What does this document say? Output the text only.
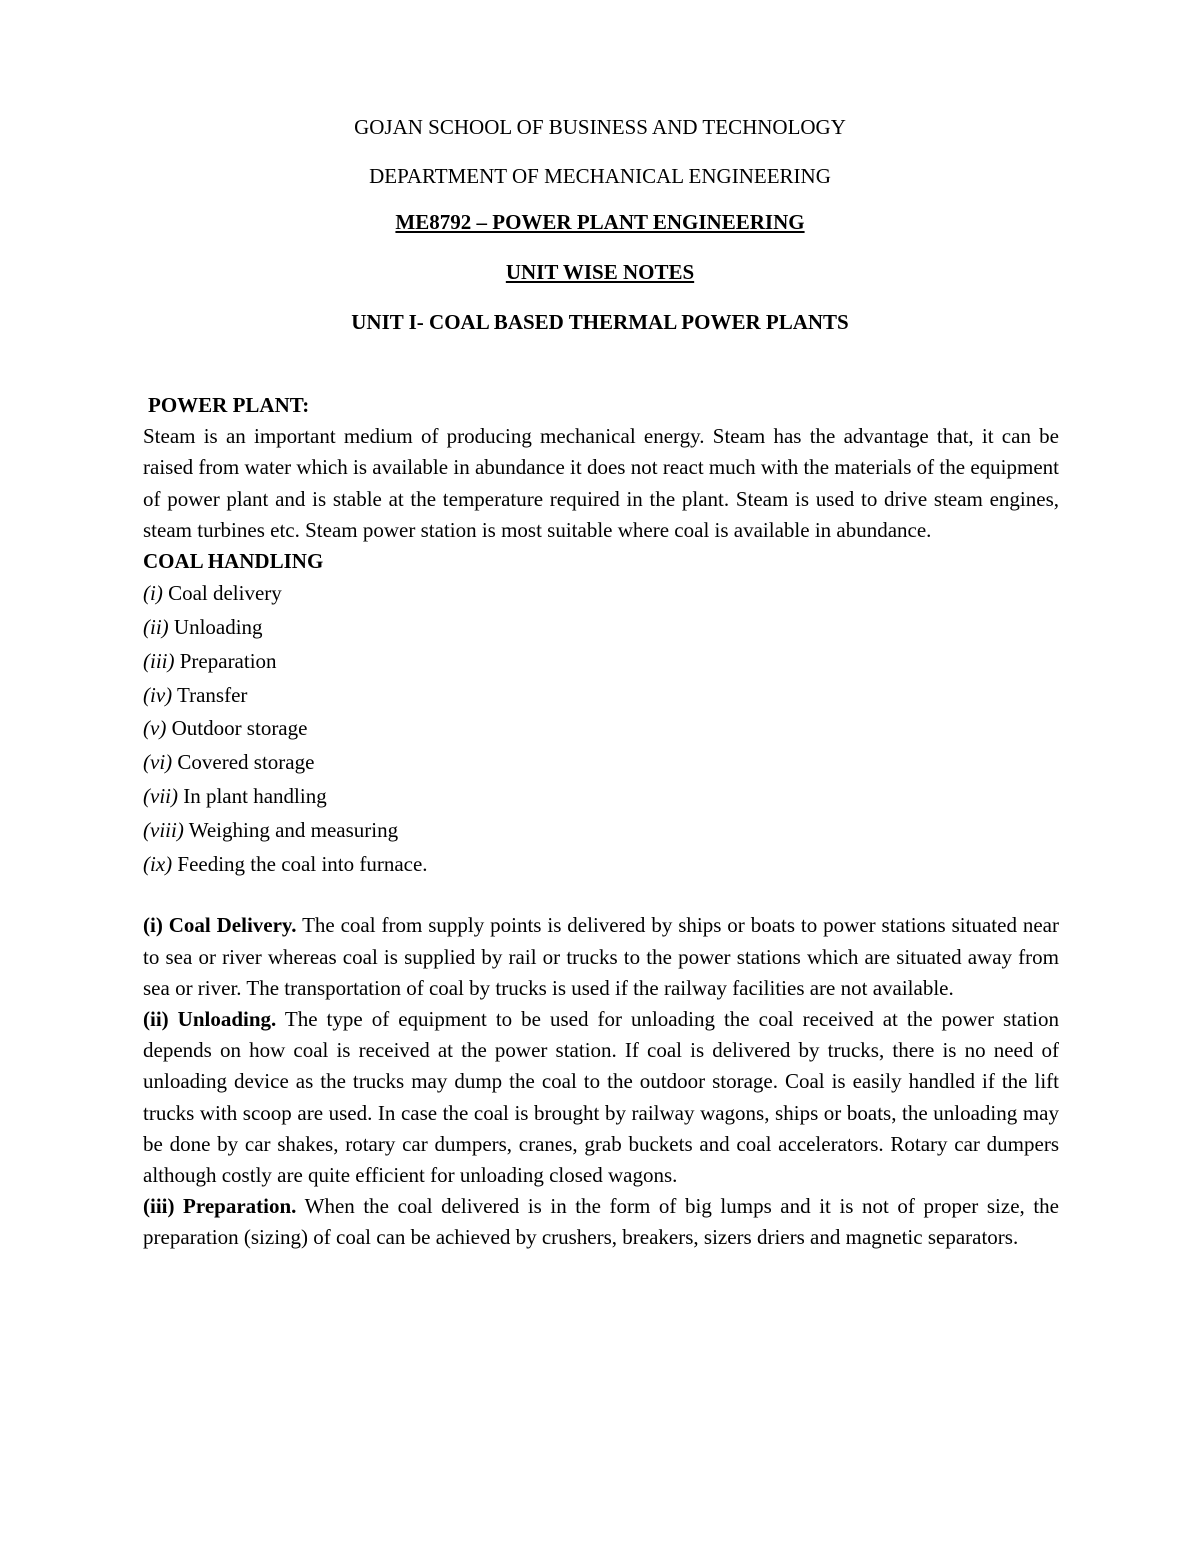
GOJAN SCHOOL OF BUSINESS AND TECHNOLOGY

DEPARTMENT OF MECHANICAL ENGINEERING

ME8792 – POWER PLANT ENGINEERING

UNIT WISE NOTES

UNIT I- COAL BASED THERMAL POWER PLANTS

POWER PLANT:

Steam is an important medium of producing mechanical energy. Steam has the advantage that, it can be raised from water which is available in abundance it does not react much with the materials of the equipment of power plant and is stable at the temperature required in the plant. Steam is used to drive steam engines, steam turbines etc. Steam power station is most suitable where coal is available in abundance.

COAL HANDLING

(i) Coal delivery
(ii) Unloading
(iii) Preparation
(iv) Transfer
(v) Outdoor storage
(vi) Covered storage
(vii) In plant handling
(viii) Weighing and measuring
(ix) Feeding the coal into furnace.

(i) Coal Delivery. The coal from supply points is delivered by ships or boats to power stations situated near to sea or river whereas coal is supplied by rail or trucks to the power stations which are situated away from sea or river. The transportation of coal by trucks is used if the railway facilities are not available.

(ii) Unloading. The type of equipment to be used for unloading the coal received at the power station depends on how coal is received at the power station. If coal is delivered by trucks, there is no need of unloading device as the trucks may dump the coal to the outdoor storage. Coal is easily handled if the lift trucks with scoop are used. In case the coal is brought by railway wagons, ships or boats, the unloading may be done by car shakes, rotary car dumpers, cranes, grab buckets and coal accelerators. Rotary car dumpers although costly are quite efficient for unloading closed wagons.

(iii) Preparation. When the coal delivered is in the form of big lumps and it is not of proper size, the preparation (sizing) of coal can be achieved by crushers, breakers, sizers driers and magnetic separators.
